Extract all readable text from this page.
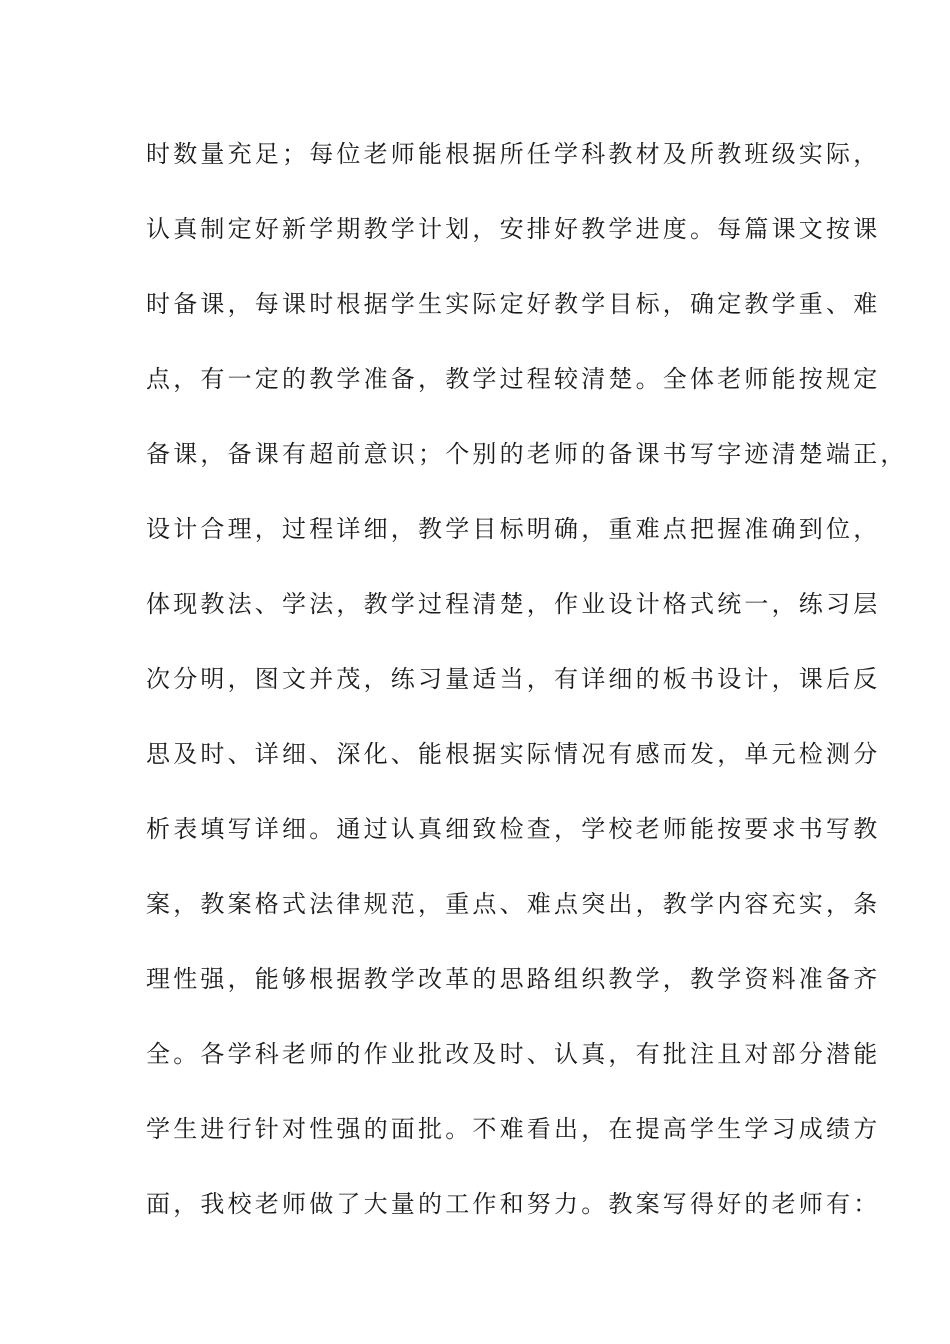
时数量充足；每位老师能根据所任学科教材及所教班级实际，
认真制定好新学期教学计划，安排好教学进度。每篇课文按课
时备课，每课时根据学生实际定好教学目标，确定教学重、难
点，有一定的教学准备，教学过程较清楚。全体老师能按规定
备课，备课有超前意识；个别的老师的备课书写字迹清楚端正，
设计合理，过程详细，教学目标明确，重难点把握准确到位，
体现教法、学法，教学过程清楚，作业设计格式统一，练习层
次分明，图文并茂，练习量适当，有详细的板书设计，课后反
思及时、详细、深化、能根据实际情况有感而发，单元检测分
析表填写详细。通过认真细致检查，学校老师能按要求书写教
案，教案格式法律规范，重点、难点突出，教学内容充实，条
理性强，能够根据教学改革的思路组织教学，教学资料准备齐
全。各学科老师的作业批改及时、认真，有批注且对部分潜能
学生进行针对性强的面批。不难看出，在提高学生学习成绩方
面，我校老师做了大量的工作和努力。教案写得好的老师有：
